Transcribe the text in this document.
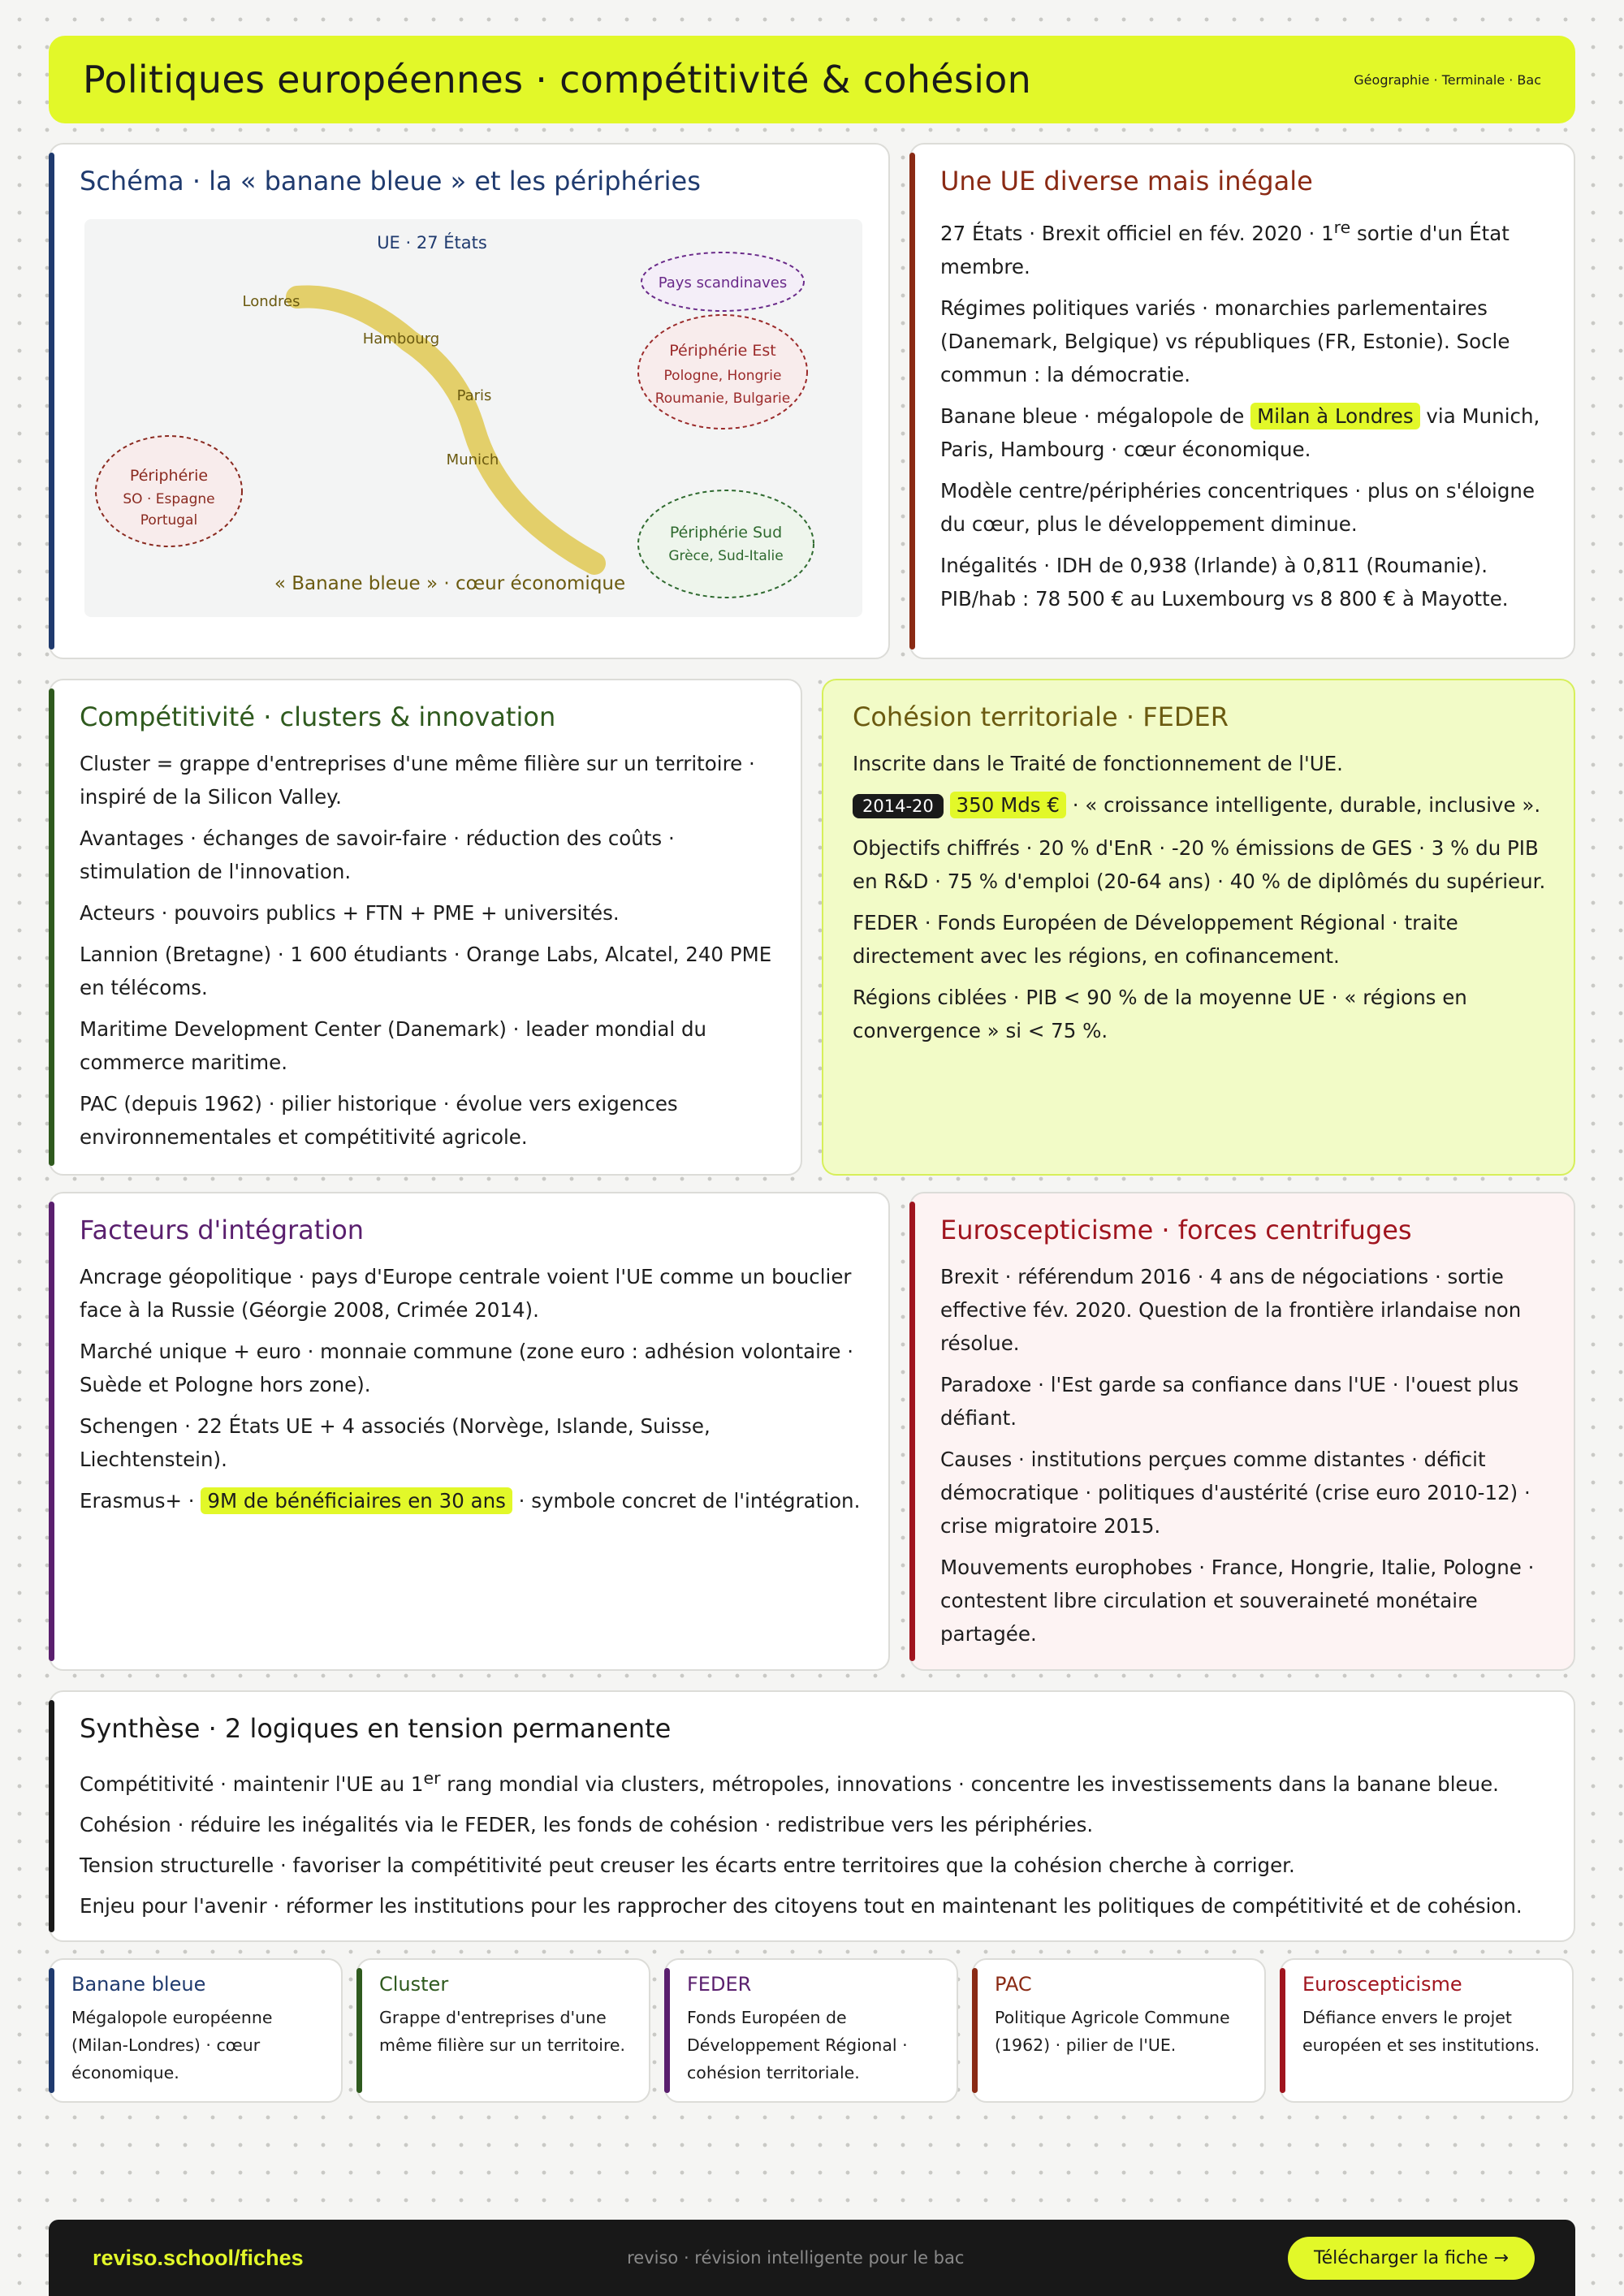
Politiques européennes · compétitivité & cohésion	Géographie · Terminale · Bac
Schéma · la « banane bleue » et les périphéries
UE · 27 États
Londres
Hambourg
Paris
Munich
Pays scandinaves
Périphérie Est
Pologne, Hongrie
Roumanie, Bulgarie
Périphérie
SO · Espagne
Portugal
Périphérie Sud
Grèce, Sud-Italie
« Banane bleue » · cœur économique
Une UE diverse mais inégale

27 États · Brexit officiel en fév. 2020 · 1re sortie d'un État membre.

Régimes politiques variés · monarchies parlementaires (Danemark, Belgique) vs républiques (FR, Estonie). Socle commun : la démocratie.

Banane bleue · mégalopole de Milan à Londres via Munich, Paris, Hambourg · cœur économique.

Modèle centre/périphéries concentriques · plus on s'éloigne du cœur, plus le développement diminue.

Inégalités · IDH de 0,938 (Irlande) à 0,811 (Roumanie). PIB/hab : 78 500 € au Luxembourg vs 8 800 € à Mayotte.

Compétitivité · clusters & innovation

Cluster = grappe d'entreprises d'une même filière sur un territoire · inspiré de la Silicon Valley.

Avantages · échanges de savoir-faire · réduction des coûts · stimulation de l'innovation.

Acteurs · pouvoirs publics + FTN + PME + universités.

Lannion (Bretagne) · 1 600 étudiants · Orange Labs, Alcatel, 240 PME en télécoms.

Maritime Development Center (Danemark) · leader mondial du commerce maritime.

PAC (depuis 1962) · pilier historique · évolue vers exigences environnementales et compétitivité agricole.

Cohésion territoriale · FEDER

Inscrite dans le Traité de fonctionnement de l'UE.

2014-20 350 Mds € · « croissance intelligente, durable, inclusive ».

Objectifs chiffrés · 20 % d'EnR · -20 % émissions de GES · 3 % du PIB en R&D · 75 % d'emploi (20-64 ans) · 40 % de diplômés du supérieur.

FEDER · Fonds Européen de Développement Régional · traite directement avec les régions, en cofinancement.

Régions ciblées · PIB < 90 % de la moyenne UE · « régions en convergence » si < 75 %.

Facteurs d'intégration

Ancrage géopolitique · pays d'Europe centrale voient l'UE comme un bouclier face à la Russie (Géorgie 2008, Crimée 2014).

Marché unique + euro · monnaie commune (zone euro : adhésion volontaire · Suède et Pologne hors zone).

Schengen · 22 États UE + 4 associés (Norvège, Islande, Suisse, Liechtenstein).

Erasmus+ · 9M de bénéficiaires en 30 ans · symbole concret de l'intégration.

Euroscepticisme · forces centrifuges

Brexit · référendum 2016 · 4 ans de négociations · sortie effective fév. 2020. Question de la frontière irlandaise non résolue.

Paradoxe · l'Est garde sa confiance dans l'UE · l'ouest plus défiant.

Causes · institutions perçues comme distantes · déficit démocratique · politiques d'austérité (crise euro 2010-12) · crise migratoire 2015.

Mouvements europhobes · France, Hongrie, Italie, Pologne · contestent libre circulation et souveraineté monétaire partagée.

Synthèse · 2 logiques en tension permanente

Compétitivité · maintenir l'UE au 1er rang mondial via clusters, métropoles, innovations · concentre les investissements dans la banane bleue.

Cohésion · réduire les inégalités via le FEDER, les fonds de cohésion · redistribue vers les périphéries.

Tension structurelle · favoriser la compétitivité peut creuser les écarts entre territoires que la cohésion cherche à corriger.

Enjeu pour l'avenir · réformer les institutions pour les rapprocher des citoyens tout en maintenant les politiques de compétitivité et de cohésion.

Banane bleue

Mégalopole européenne (Milan-Londres) · cœur économique.

Cluster

Grappe d'entreprises d'une même filière sur un territoire.

FEDER

Fonds Européen de Développement Régional · cohésion territoriale.

PAC

Politique Agricole Commune (1962) · pilier de l'UE.

Euroscepticisme

Défiance envers le projet européen et ses institutions.

reviso.school/fiches	reviso · révision intelligente pour le bac	Télécharger la fiche →
